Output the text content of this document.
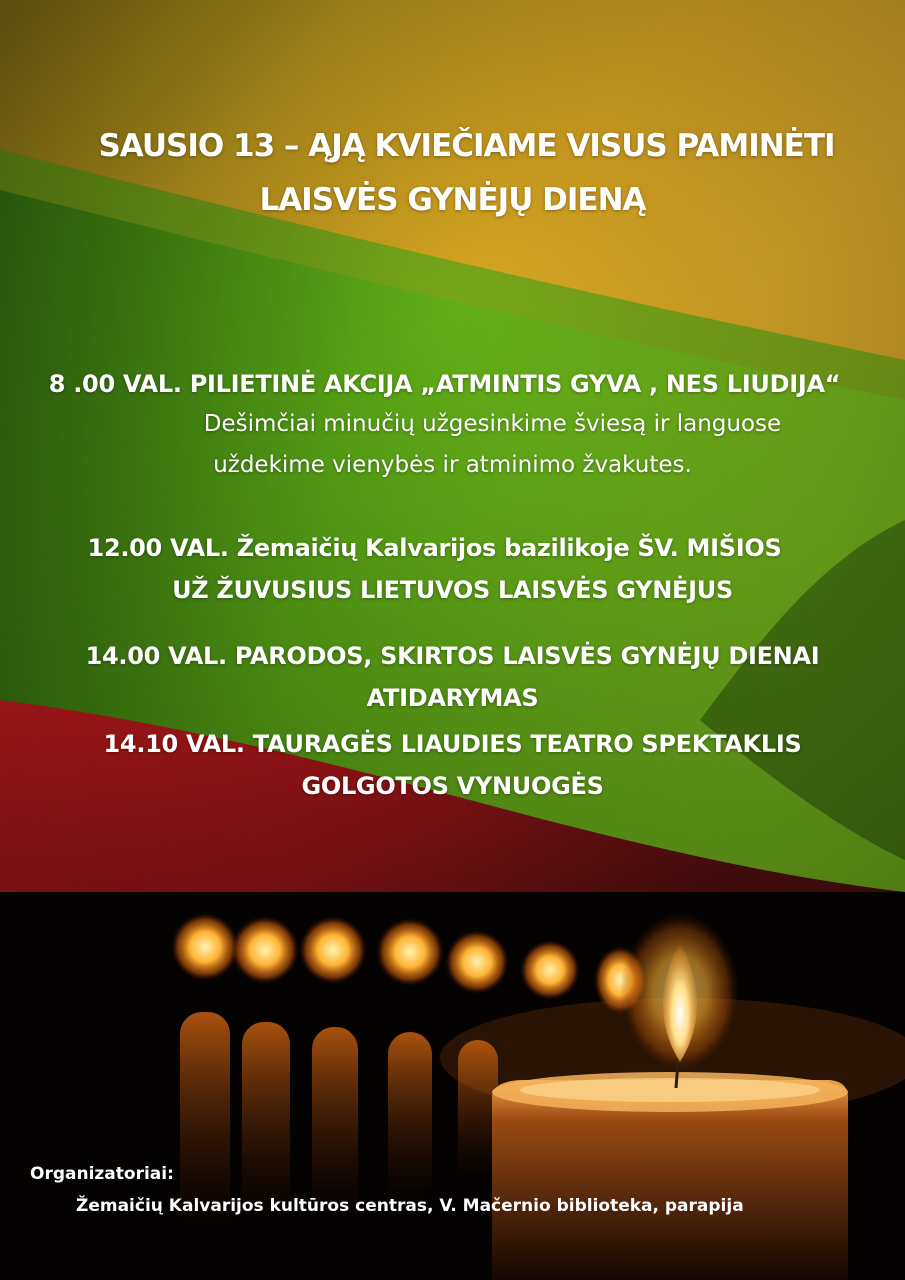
SAUSIO 13 – ĄJĄ KVIEČIAME VISUS PAMINĖTI

LAISVĖS GYNĖJŲ DIENĄ

8 .00 VAL. PILIETINĖ AKCIJA „ATMINTIS GYVA , NES LIUDIJA“

Dešimčiai minučių užgesinkime šviesą ir languose

uždekime vienybės ir atminimo žvakutes.

12.00 VAL. Žemaičių Kalvarijos bazilikoje ŠV. MIŠIOS

UŽ ŽUVUSIUS LIETUVOS LAISVĖS GYNĖJUS

14.00 VAL. PARODOS, SKIRTOS LAISVĖS GYNĖJŲ DIENAI

ATIDARYMAS

14.10 VAL. TAURAGĖS LIAUDIES TEATRO SPEKTAKLIS

GOLGOTOS VYNUOGĖS

Organizatoriai:

Žemaičių Kalvarijos kultūros centras, V. Mačernio biblioteka, parapija
